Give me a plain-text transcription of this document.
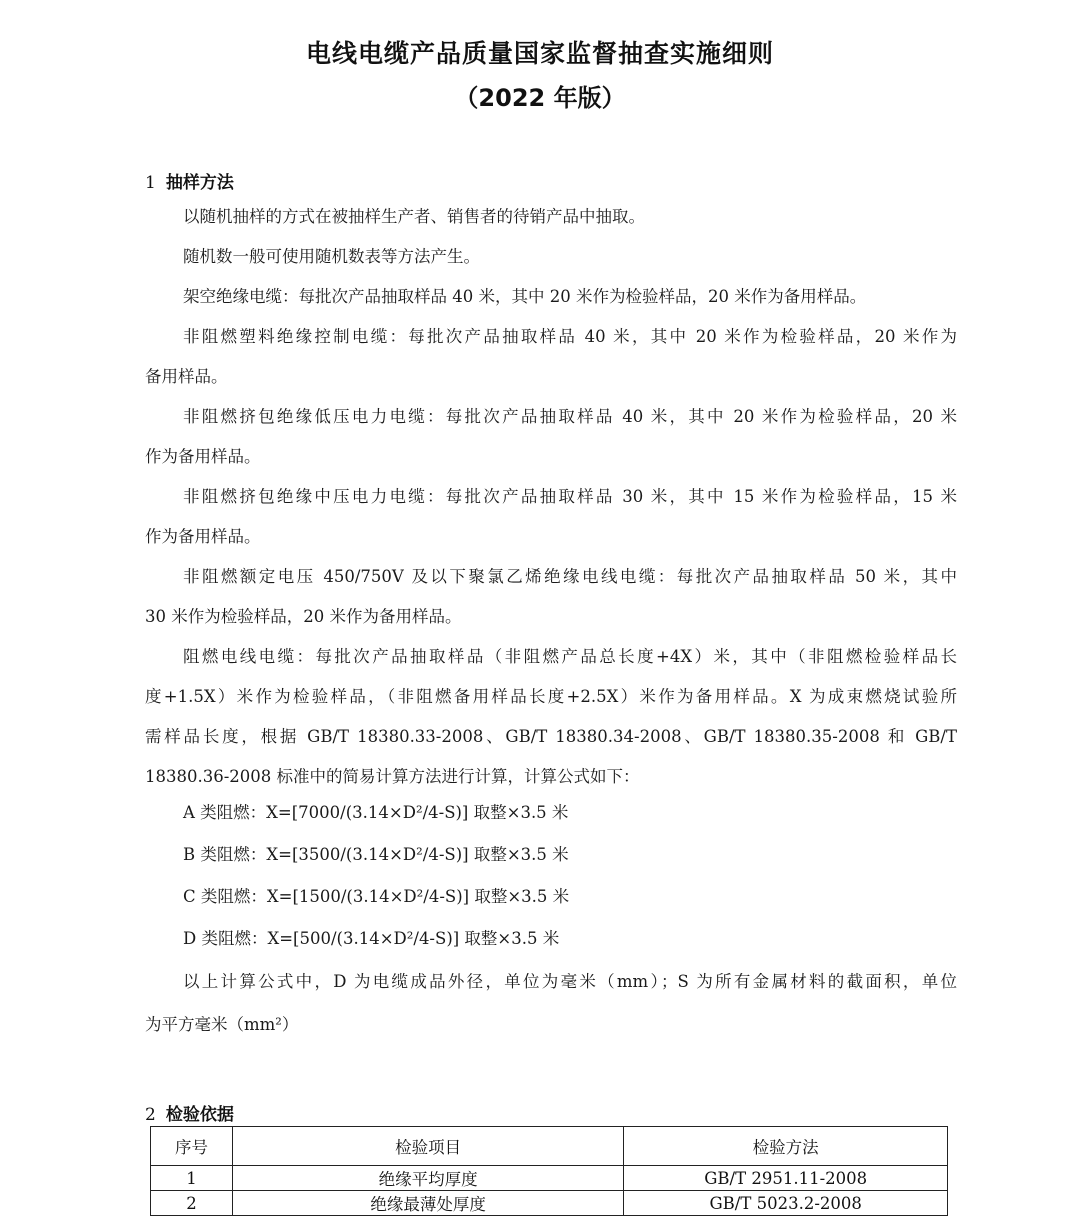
电线电缆产品质量国家监督抽查实施细则
（2022 年版）
1 抽样方法
以随机抽样的方式在被抽样生产者、销售者的待销产品中抽取。
随机数一般可使用随机数表等方法产生。
架空绝缘电缆：每批次产品抽取样品 40 米，其中 20 米作为检验样品，20 米作为备用样品。
非阻燃塑料绝缘控制电缆：每批次产品抽取样品 40 米，其中 20 米作为检验样品，20 米作为
备用样品。
非阻燃挤包绝缘低压电力电缆：每批次产品抽取样品 40 米，其中 20 米作为检验样品，20 米
作为备用样品。
非阻燃挤包绝缘中压电力电缆：每批次产品抽取样品 30 米，其中 15 米作为检验样品，15 米
作为备用样品。
非阻燃额定电压 450/750V 及以下聚氯乙烯绝缘电线电缆：每批次产品抽取样品 50 米，其中
30 米作为检验样品，20 米作为备用样品。
阻燃电线电缆：每批次产品抽取样品（非阻燃产品总长度+4X）米，其中（非阻燃检验样品长
度+1.5X）米作为检验样品，（非阻燃备用样品长度+2.5X）米作为备用样品。X 为成束燃烧试验所
需样品长度，根据 GB/T 18380.33-2008、GB/T 18380.34-2008、GB/T 18380.35-2008 和 GB/T
18380.36-2008 标准中的简易计算方法进行计算，计算公式如下：
A 类阻燃：X=[7000/(3.14×D²/4-S)] 取整×3.5 米
B 类阻燃：X=[3500/(3.14×D²/4-S)] 取整×3.5 米
C 类阻燃：X=[1500/(3.14×D²/4-S)] 取整×3.5 米
D 类阻燃：X=[500/(3.14×D²/4-S)] 取整×3.5 米
以上计算公式中，D 为电缆成品外径，单位为毫米（mm）；S 为所有金属材料的截面积，单位
为平方毫米（mm²）
2 检验依据
序号	检验项目	检验方法
1	绝缘平均厚度	GB/T 2951.11-2008
2	绝缘最薄处厚度	GB/T 5023.2-2008
